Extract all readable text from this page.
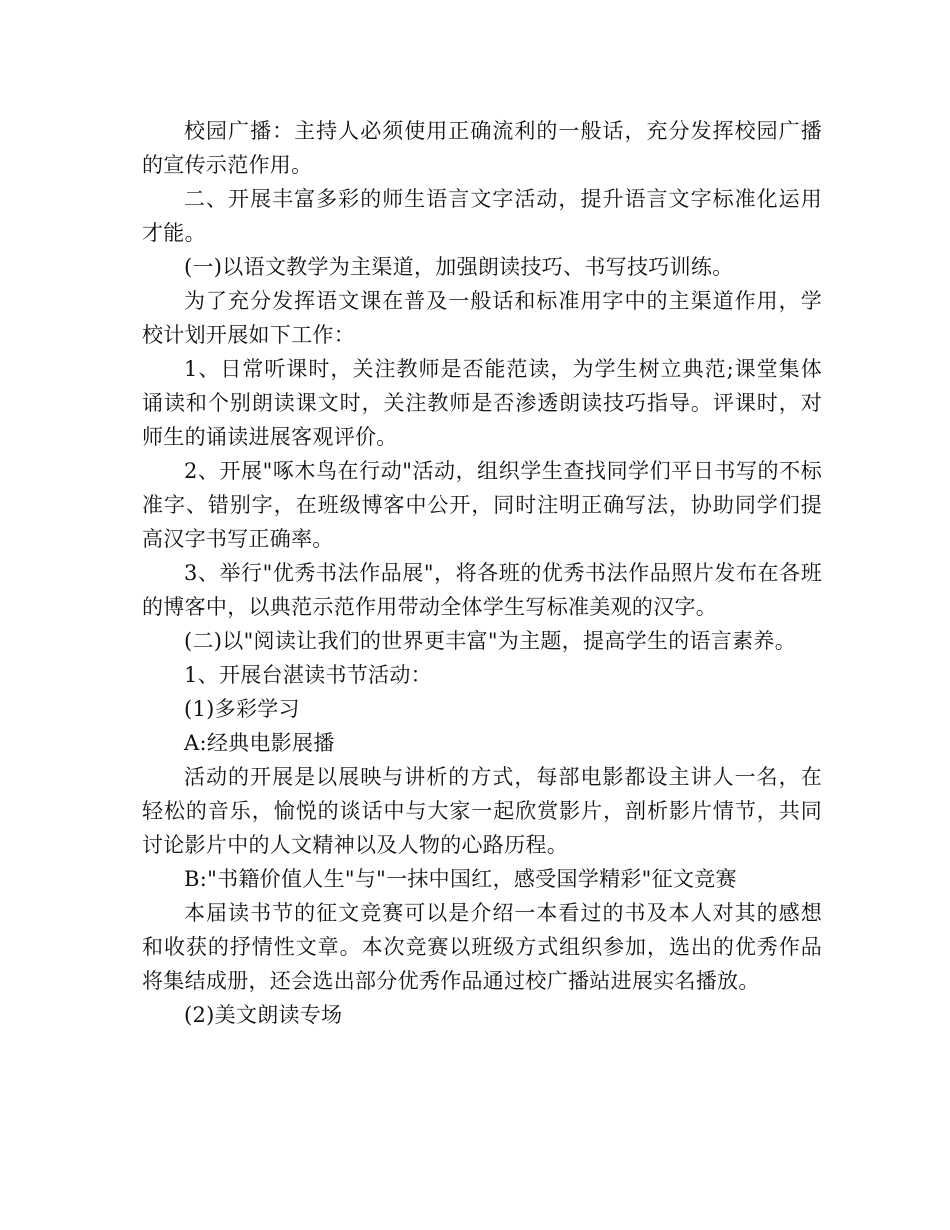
校园广播：主持人必须使用正确流利的一般话，充分发挥校园广播的宣传示范作用。

二、开展丰富多彩的师生语言文字活动，提升语言文字标准化运用才能。

(一)以语文教学为主渠道，加强朗读技巧、书写技巧训练。

为了充分发挥语文课在普及一般话和标准用字中的主渠道作用，学校计划开展如下工作：

1、日常听课时，关注教师是否能范读，为学生树立典范;课堂集体诵读和个别朗读课文时，关注教师是否渗透朗读技巧指导。评课时，对师生的诵读进展客观评价。

2、开展"啄木鸟在行动"活动，组织学生查找同学们平日书写的不标准字、错别字，在班级博客中公开，同时注明正确写法，协助同学们提高汉字书写正确率。

3、举行"优秀书法作品展"，将各班的优秀书法作品照片发布在各班的博客中，以典范示范作用带动全体学生写标准美观的汉字。

(二)以"阅读让我们的世界更丰富"为主题，提高学生的语言素养。

1、开展台湛读书节活动：

(1)多彩学习

A:经典电影展播

活动的开展是以展映与讲析的方式，每部电影都设主讲人一名，在轻松的音乐，愉悦的谈话中与大家一起欣赏影片，剖析影片情节，共同讨论影片中的人文精神以及人物的心路历程。

B:"书籍价值人生"与"一抹中国红，感受国学精彩"征文竞赛

本届读书节的征文竞赛可以是介绍一本看过的书及本人对其的感想和收获的抒情性文章。本次竞赛以班级方式组织参加，选出的优秀作品将集结成册，还会选出部分优秀作品通过校广播站进展实名播放。

(2)美文朗读专场
